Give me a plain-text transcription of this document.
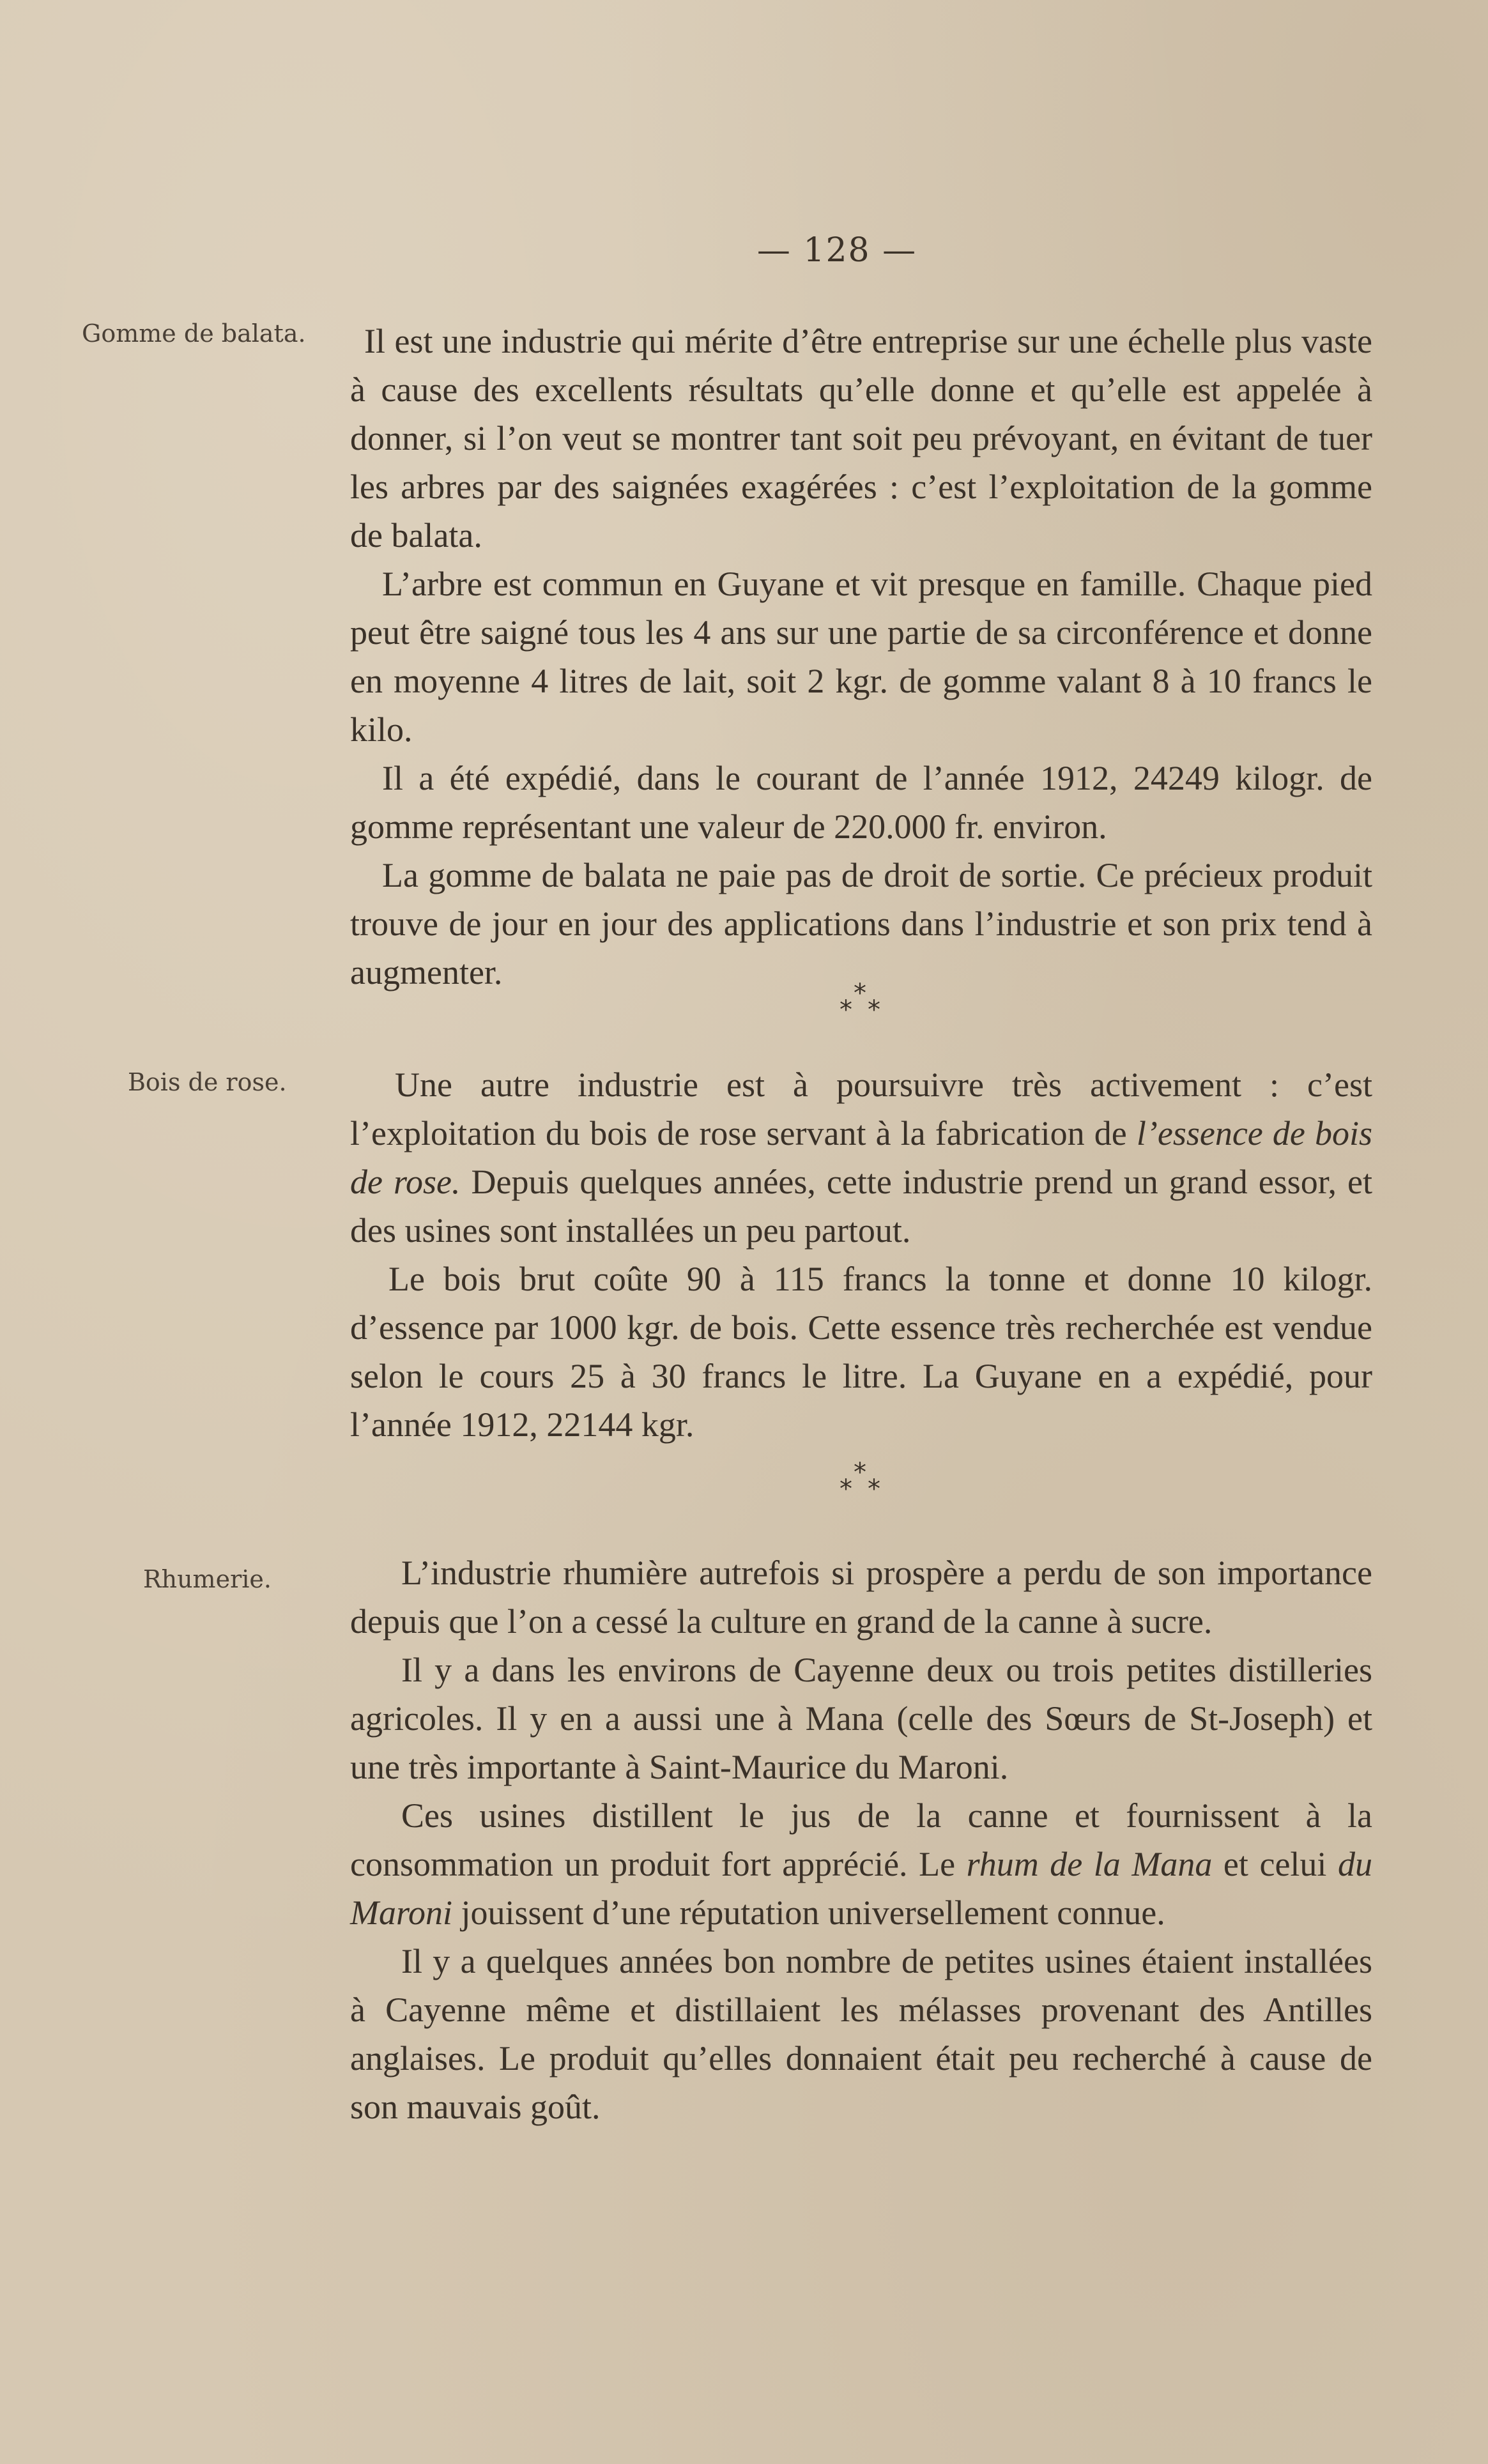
— 128 —
Gomme de balata.
Bois de rose.
Rhumerie.

Il est une industrie qui mérite d’être entreprise sur une échelle plus vaste à cause des excellents résultats qu’elle donne et qu’elle est appelée à donner, si l’on veut se montrer tant soit peu prévoyant, en évitant de tuer les arbres par des saignées exagérées : c’est l’exploitation de la gomme de balata.

L’arbre est commun en Guyane et vit presque en famille. Chaque pied peut être saigné tous les 4 ans sur une partie de sa circonférence et donne en moyenne 4 litres de lait, soit 2 kgr. de gomme valant 8 à 10 francs le kilo.

Il a été expédié, dans le courant de l’année 1912, 24249 kilogr. de gomme représentant une valeur de 220.000 fr. environ.

La gomme de balata ne paie pas de droit de sortie. Ce précieux produit trouve de jour en jour des applications dans l’industrie et son prix tend à augmenter.

*
* *

Une autre industrie est à poursuivre très activement : c’est l’exploitation du bois de rose servant à la fabrication de l’essence de bois de rose. Depuis quelques années, cette industrie prend un grand essor, et des usines sont installées un peu partout.

Le bois brut coûte 90 à 115 francs la tonne et donne 10 kilogr. d’essence par 1000 kgr. de bois. Cette essence très recherchée est vendue selon le cours 25 à 30 francs le litre. La Guyane en a expédié, pour l’année 1912, 22144 kgr.

*
* *

L’industrie rhumière autrefois si prospère a perdu de son importance depuis que l’on a cessé la culture en grand de la canne à sucre.

Il y a dans les environs de Cayenne deux ou trois petites distilleries agricoles. Il y en a aussi une à Mana (celle des Sœurs de St-Joseph) et une très importante à Saint-Maurice du Maroni.

Ces usines distillent le jus de la canne et fournissent à la consommation un produit fort apprécié. Le rhum de la Mana et celui du Maroni jouissent d’une réputation universellement connue.

Il y a quelques années bon nombre de petites usines étaient installées à Cayenne même et distillaient les mélasses provenant des Antilles anglaises. Le produit qu’elles donnaient était peu recherché à cause de son mauvais goût.
